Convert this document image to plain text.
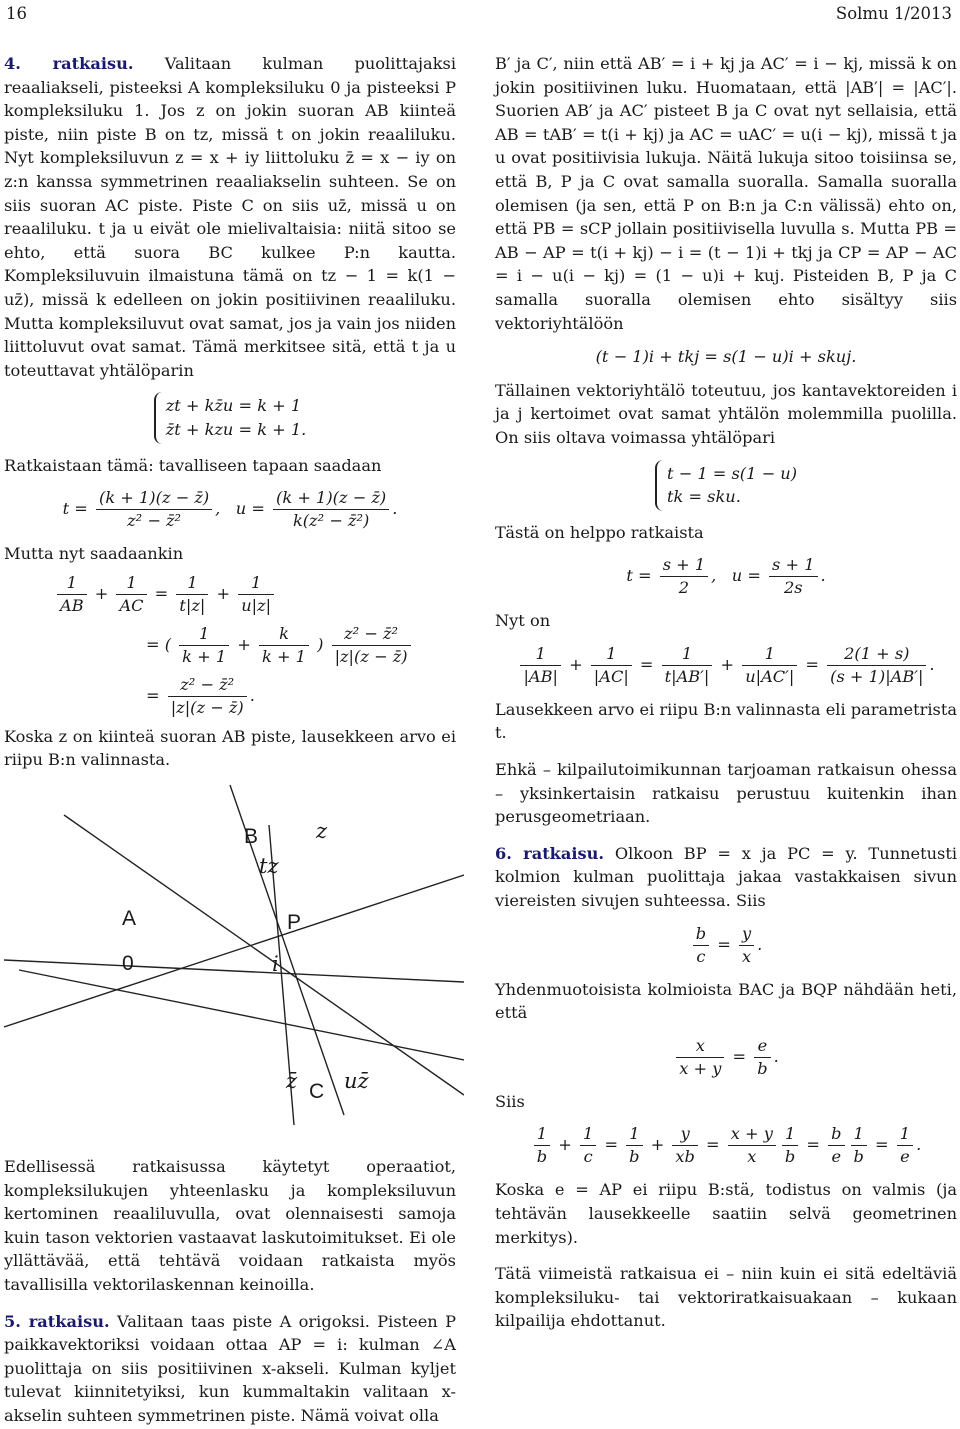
16	Solmu 1/2013

4. ratkaisu. Valitaan kulman puolittajaksi reaaliakseli, pisteeksi A kompleksiluku 0 ja pisteeksi P kompleksiluku 1. Jos z on jokin suoran AB kiinteä piste, niin piste B on tz, missä t on jokin reaaliluku. Nyt kompleksiluvun z = x + iy liittoluku z̄ = x − iy on z:n kanssa symmetrinen reaaliakselin suhteen. Se on siis suoran AC piste. Piste C on siis uz̄, missä u on reaaliluku. t ja u eivät ole mielivaltaisia: niitä sitoo se ehto, että suora BC kulkee P:n kautta. Kompleksiluvuin ilmaistuna tämä on tz − 1 = k(1 − uz̄), missä k edelleen on jokin positiivinen reaaliluku. Mutta kompleksiluvut ovat samat, jos ja vain jos niiden liittoluvut ovat samat. Tämä merkitsee sitä, että t ja u toteuttavat yhtälöparin

zt + kz̄u = k + 1
z̄t + kzu = k + 1.

Ratkaistaan tämä: tavalliseen tapaan saadaan

$t = \frac{(k + 1)(z - z̄)}{\text{z² − z̄²}}$ ,   $u = \frac{(k + 1)(z - z̄)}{\text{k(z² − z̄²)}}$ .

Mutta nyt saadaankin

$\frac{1}{AB} + \frac{1}{AC} = \frac{1}{t|z|} + \frac{1}{u|z|}$
= ( $\frac{1}{k + 1} + \frac{k}{k + 1}$ ) $\frac{\text{z² − z̄²}}{|z|(z - z̄)}$
= $\frac{\text{z² − z̄²}}{|z|(z - z̄)}$ .

Koska z on kiinteä suoran AB piste, lausekkeen arvo ei riipu B:n valinnasta.

B
tz
z
A	P
0	i
z̄ C uz̄

Edellisessä ratkaisussa käytetyt operaatiot, kompleksilukujen yhteenlasku ja kompleksiluvun kertominen reaaliluvulla, ovat olennaisesti samoja kuin tason vektorien vastaavat laskutoimitukset. Ei ole yllättävää, että tehtävä voidaan ratkaista myös tavallisilla vektorilaskennan keinoilla.

5. ratkaisu. Valitaan taas piste A origoksi. Pisteen P paikkavektoriksi voidaan ottaa AP = i: kulman ∠A puolittaja on siis positiivinen x-akseli. Kulman kyljet tulevat kiinnitetyiksi, kun kummaltakin valitaan x-akselin suhteen symmetrinen piste. Nämä voivat olla

B′ ja C′, niin että AB′ = i + kj ja AC′ = i − kj, missä k on jokin positiivinen luku. Huomataan, että |AB′| = |AC′|. Suorien AB′ ja AC′ pisteet B ja C ovat nyt sellaisia, että AB = tAB′ = t(i + kj) ja AC = uAC′ = u(i − kj), missä t ja u ovat positiivisia lukuja. Näitä lukuja sitoo toisiinsa se, että B, P ja C ovat samalla suoralla. Samalla suoralla olemisen (ja sen, että P on B:n ja C:n välissä) ehto on, että PB = sCP jollain positiivisella luvulla s. Mutta PB = AB − AP = t(i + kj) − i = (t − 1)i + tkj ja CP = AP − AC = i − u(i − kj) = (1 − u)i + kuj. Pisteiden B, P ja C samalla suoralla olemisen ehto sisältyy siis vektoriyhtälöön

(t − 1)i + tkj = s(1 − u)i + skuj.

Tällainen vektoriyhtälö toteutuu, jos kantavektoreiden i ja j kertoimet ovat samat yhtälön molemmilla puolilla. On siis oltava voimassa yhtälöpari

t − 1 = s(1 − u)
tk = sku.

Tästä on helppo ratkaista

$t = \frac{s + 1}{2}$ ,   $u = \frac{s + 1}{2s}$ .

Nyt on

$\frac{1}{|AB|} + \frac{1}{|AC|} = \frac{1}{t|AB'|} + \frac{1}{u|AC'|} = \frac{2(1 + s)}{(s + 1)|AB'|}$ .

Lausekkeen arvo ei riipu B:n valinnasta eli parametrista t.

Ehkä – kilpailutoimikunnan tarjoaman ratkaisun ohessa – yksinkertaisin ratkaisu perustuu kuitenkin ihan perusgeometriaan.

6. ratkaisu. Olkoon BP = x ja PC = y. Tunnetusti kolmion kulman puolittaja jakaa vastakkaisen sivun viereisten sivujen suhteessa. Siis

$\frac{b}{c} = \frac{y}{x}$ .

Yhdenmuotoisista kolmioista BAC ja BQP nähdään heti, että

$\frac{x}{x + y} = \frac{e}{b}$ .

Siis

$\frac{1}{b} + \frac{1}{c} = \frac{1}{b} + \frac{y}{xb} = \frac{x + y}{x} \frac{1}{b} = \frac{b}{e} \frac{1}{b} = \frac{1}{e}$ .

Koska e = AP ei riipu B:stä, todistus on valmis (ja tehtävän lausekkeelle saatiin selvä geometrinen merkitys).

Tätä viimeistä ratkaisua ei – niin kuin ei sitä edeltäviä kompleksiluku- tai vektoriratkaisuakaan – kukaan kilpailija ehdottanut.
